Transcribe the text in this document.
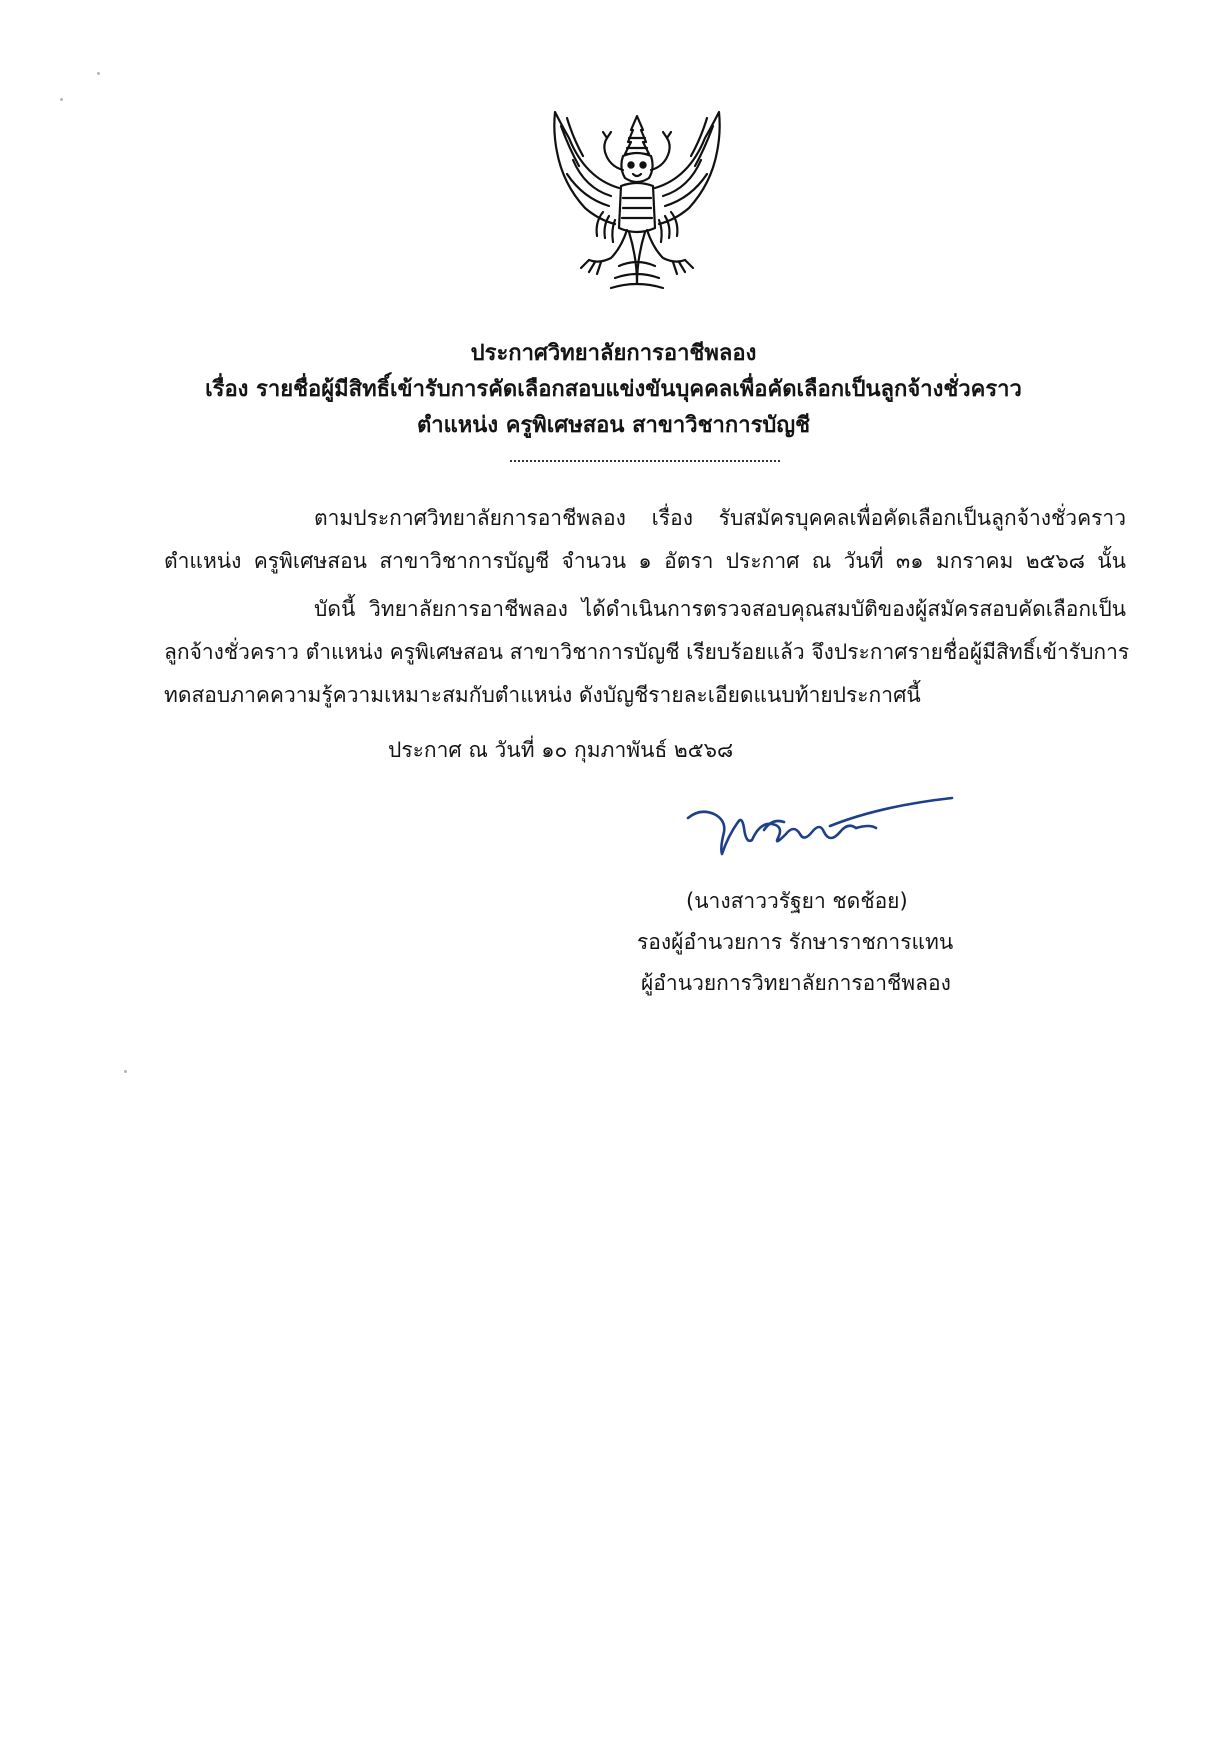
ประกาศวิทยาลัยการอาชีพลอง
เรื่อง รายชื่อผู้มีสิทธิ์เข้ารับการคัดเลือกสอบแข่งขันบุคคลเพื่อคัดเลือกเป็นลูกจ้างชั่วคราว
ตำแหน่ง ครูพิเศษสอน สาขาวิชาการบัญชี
ตามประกาศวิทยาลัยการอาชีพลอง เรื่อง รับสมัครบุคคลเพื่อคัดเลือกเป็นลูกจ้างชั่วคราว
ตำแหน่ง ครูพิเศษสอน สาขาวิชาการบัญชี จำนวน ๑ อัตรา ประกาศ ณ วันที่ ๓๑ มกราคม ๒๕๖๘ นั้น
บัดนี้ วิทยาลัยการอาชีพลอง ได้ดำเนินการตรวจสอบคุณสมบัติของผู้สมัครสอบคัดเลือกเป็น
ลูกจ้างชั่วคราว ตำแหน่ง ครูพิเศษสอน สาขาวิชาการบัญชี เรียบร้อยแล้ว จึงประกาศรายชื่อผู้มีสิทธิ์เข้ารับการ
ทดสอบภาคความรู้ความเหมาะสมกับตำแหน่ง ดังบัญชีรายละเอียดแนบท้ายประกาศนี้
ประกาศ ณ วันที่ ๑๐ กุมภาพันธ์ ๒๕๖๘
(นางสาววรัฐยา ชดช้อย)
รองผู้อำนวยการ รักษาราชการแทน
ผู้อำนวยการวิทยาลัยการอาชีพลอง
